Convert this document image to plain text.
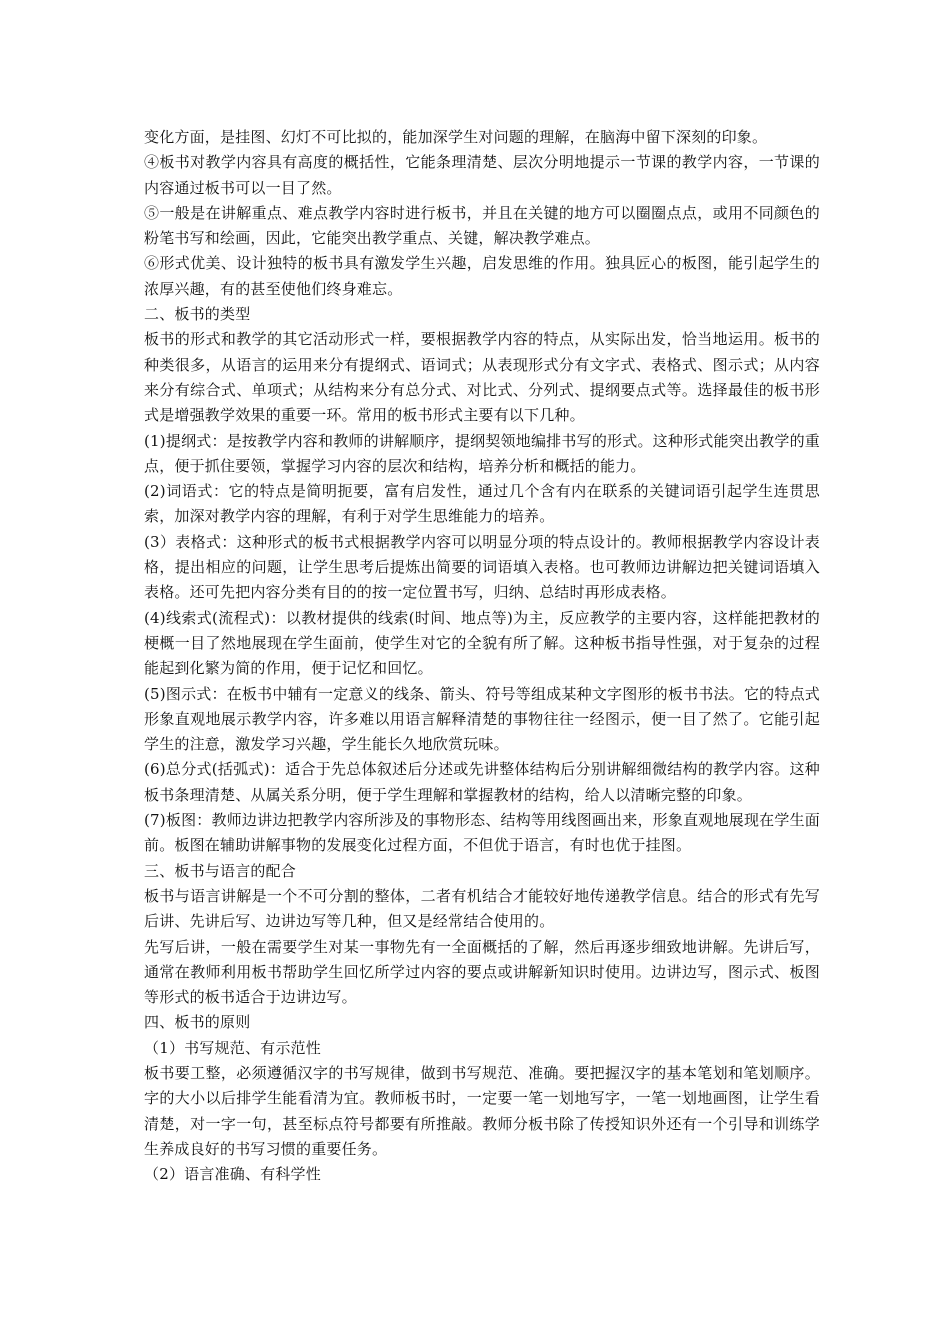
变化方面，是挂图、幻灯不可比拟的，能加深学生对问题的理解，在脑海中留下深刻的印象。

④板书对教学内容具有高度的概括性，它能条理清楚、层次分明地提示一节课的教学内容，一节课的内容通过板书可以一目了然。

⑤一般是在讲解重点、难点教学内容时进行板书，并且在关键的地方可以圈圈点点，或用不同颜色的粉笔书写和绘画，因此，它能突出教学重点、关键，解决教学难点。

⑥形式优美、设计独特的板书具有激发学生兴趣，启发思维的作用。独具匠心的板图，能引起学生的浓厚兴趣，有的甚至使他们终身难忘。

二、板书的类型

板书的形式和教学的其它活动形式一样，要根据教学内容的特点，从实际出发，恰当地运用。板书的种类很多，从语言的运用来分有提纲式、语词式；从表现形式分有文字式、表格式、图示式；从内容来分有综合式、单项式；从结构来分有总分式、对比式、分列式、提纲要点式等。选择最佳的板书形式是增强教学效果的重要一环。常用的板书形式主要有以下几种。

(1)提纲式：是按教学内容和教师的讲解顺序，提纲契领地编排书写的形式。这种形式能突出教学的重点，便于抓住要领，掌握学习内容的层次和结构，培养分析和概括的能力。

(2)词语式：它的特点是简明扼要，富有启发性，通过几个含有内在联系的关键词语引起学生连贯思索，加深对教学内容的理解，有利于对学生思维能力的培养。

(3）表格式：这种形式的板书式根据教学内容可以明显分项的特点设计的。教师根据教学内容设计表格，提出相应的问题，让学生思考后提炼出简要的词语填入表格。也可教师边讲解边把关键词语填入表格。还可先把内容分类有目的的按一定位置书写，归纳、总结时再形成表格。

(4)线索式(流程式)：以教材提供的线索(时间、地点等)为主，反应教学的主要内容，这样能把教材的梗概一目了然地展现在学生面前，使学生对它的全貌有所了解。这种板书指导性强，对于复杂的过程能起到化繁为简的作用，便于记忆和回忆。

(5)图示式：在板书中辅有一定意义的线条、箭头、符号等组成某种文字图形的板书书法。它的特点式形象直观地展示教学内容，许多难以用语言解释清楚的事物往往一经图示，便一目了然了。它能引起学生的注意，激发学习兴趣，学生能长久地欣赏玩味。

(6)总分式(括弧式)：适合于先总体叙述后分述或先讲整体结构后分别讲解细微结构的教学内容。这种板书条理清楚、从属关系分明，便于学生理解和掌握教材的结构，给人以清晰完整的印象。

(7)板图：教师边讲边把教学内容所涉及的事物形态、结构等用线图画出来，形象直观地展现在学生面前。板图在辅助讲解事物的发展变化过程方面，不但优于语言，有时也优于挂图。

三、板书与语言的配合

板书与语言讲解是一个不可分割的整体，二者有机结合才能较好地传递教学信息。结合的形式有先写后讲、先讲后写、边讲边写等几种，但又是经常结合使用的。

先写后讲，一般在需要学生对某一事物先有一全面概括的了解，然后再逐步细致地讲解。先讲后写，通常在教师利用板书帮助学生回忆所学过内容的要点或讲解新知识时使用。边讲边写，图示式、板图等形式的板书适合于边讲边写。

四、板书的原则

（1）书写规范、有示范性

板书要工整，必须遵循汉字的书写规律，做到书写规范、准确。要把握汉字的基本笔划和笔划顺序。字的大小以后排学生能看清为宜。教师板书时，一定要一笔一划地写字，一笔一划地画图，让学生看清楚，对一字一句，甚至标点符号都要有所推敲。教师分板书除了传授知识外还有一个引导和训练学生养成良好的书写习惯的重要任务。

（2）语言准确、有科学性
